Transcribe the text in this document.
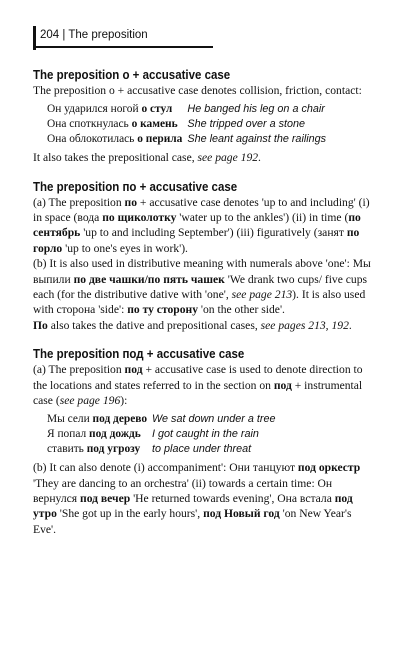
204 | The preposition
The preposition о + accusative case

The preposition о + accusative case denotes collision, friction, contact:

Он ударился ногой о стул	He banged his leg on a chair
Она споткнулась о камень She tripped over a stone
Она облокотилась о перила She leant against the railings

It also takes the prepositional case, see page 192.

The preposition по + accusative case

(a) The preposition по + accusative case denotes 'up to and including' (i) in space (вода по щиколотку 'water up to the ankles') (ii) in time (по сентябрь 'up to and including September') (iii) figuratively (занят по горло 'up to one's eyes in work').

(b) It is also used in distributive meaning with numerals above 'one': Мы выпили по две чашки/по пять чашек 'We drank two cups/ five cups each (for the distributive dative with 'one', see page 213). It is also used with сторона 'side': по ту сторону 'on the other side'.

По also takes the dative and prepositional cases, see pages 213, 192.

The preposition под + accusative case

(a) The preposition под + accusative case is used to denote direction to the locations and states referred to in the section on под + instrumental case (see page 196):

Мы сели под дерево We sat down under a tree
Я попал под дождь	I got caught in the rain
ставить под угрозу	to place under threat

(b) It can also denote (i) accompaniment': Они танцуют под оркестр 'They are dancing to an orchestra' (ii) towards a certain time: Он вернулся под вечер 'He returned towards evening', Она встала под утро 'She got up in the early hours', под Новый год 'on New Year's Eve'.
